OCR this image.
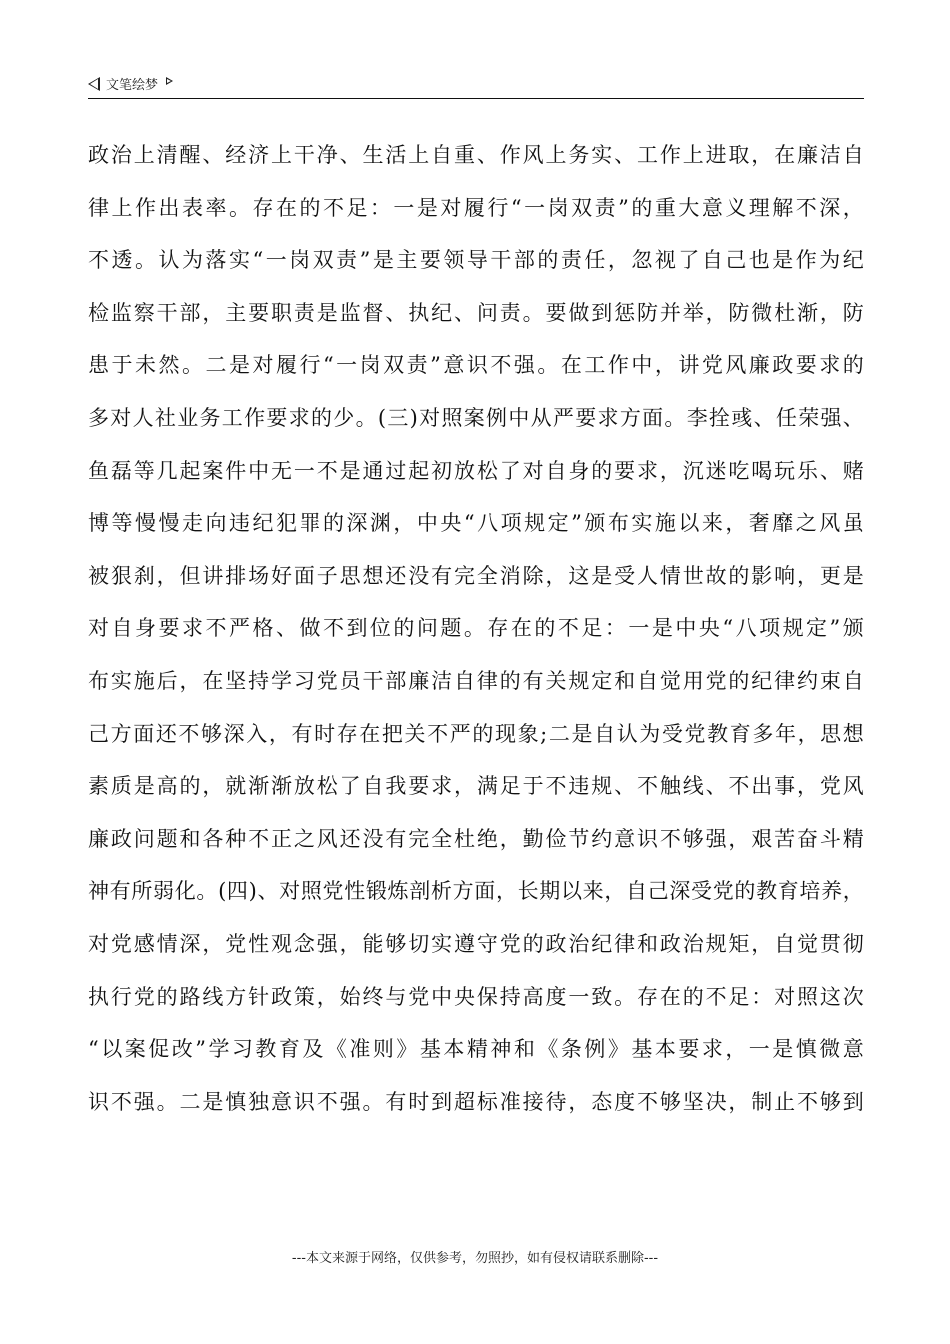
文笔绘梦
政治上清醒、经济上干净、生活上自重、作风上务实、工作上进取，在廉洁自
律上作出表率。存在的不足：一是对履行“一岗双责”的重大意义理解不深，
不透。认为落实“一岗双责”是主要领导干部的责任，忽视了自己也是作为纪
检监察干部，主要职责是监督、执纪、问责。要做到惩防并举，防微杜渐，防
患于未然。二是对履行“一岗双责”意识不强。在工作中，讲党风廉政要求的
多对人社业务工作要求的少。(三)对照案例中从严要求方面。李拴彧、任荣强、
鱼磊等几起案件中无一不是通过起初放松了对自身的要求，沉迷吃喝玩乐、赌
博等慢慢走向违纪犯罪的深渊，中央“八项规定”颁布实施以来，奢靡之风虽
被狠刹，但讲排场好面子思想还没有完全消除，这是受人情世故的影响，更是
对自身要求不严格、做不到位的问题。存在的不足：一是中央“八项规定”颁
布实施后，在坚持学习党员干部廉洁自律的有关规定和自觉用党的纪律约束自
己方面还不够深入，有时存在把关不严的现象;二是自认为受党教育多年，思想
素质是高的，就渐渐放松了自我要求，满足于不违规、不触线、不出事，党风
廉政问题和各种不正之风还没有完全杜绝，勤俭节约意识不够强，艰苦奋斗精
神有所弱化。(四)、对照党性锻炼剖析方面，长期以来，自己深受党的教育培养，
对党感情深，党性观念强，能够切实遵守党的政治纪律和政治规矩，自觉贯彻
执行党的路线方针政策，始终与党中央保持高度一致。存在的不足：对照这次
“以案促改”学习教育及《准则》基本精神和《条例》基本要求，一是慎微意
识不强。二是慎独意识不强。有时到超标准接待，态度不够坚决，制止不够到
---本文来源于网络，仅供参考，勿照抄，如有侵权请联系删除---
